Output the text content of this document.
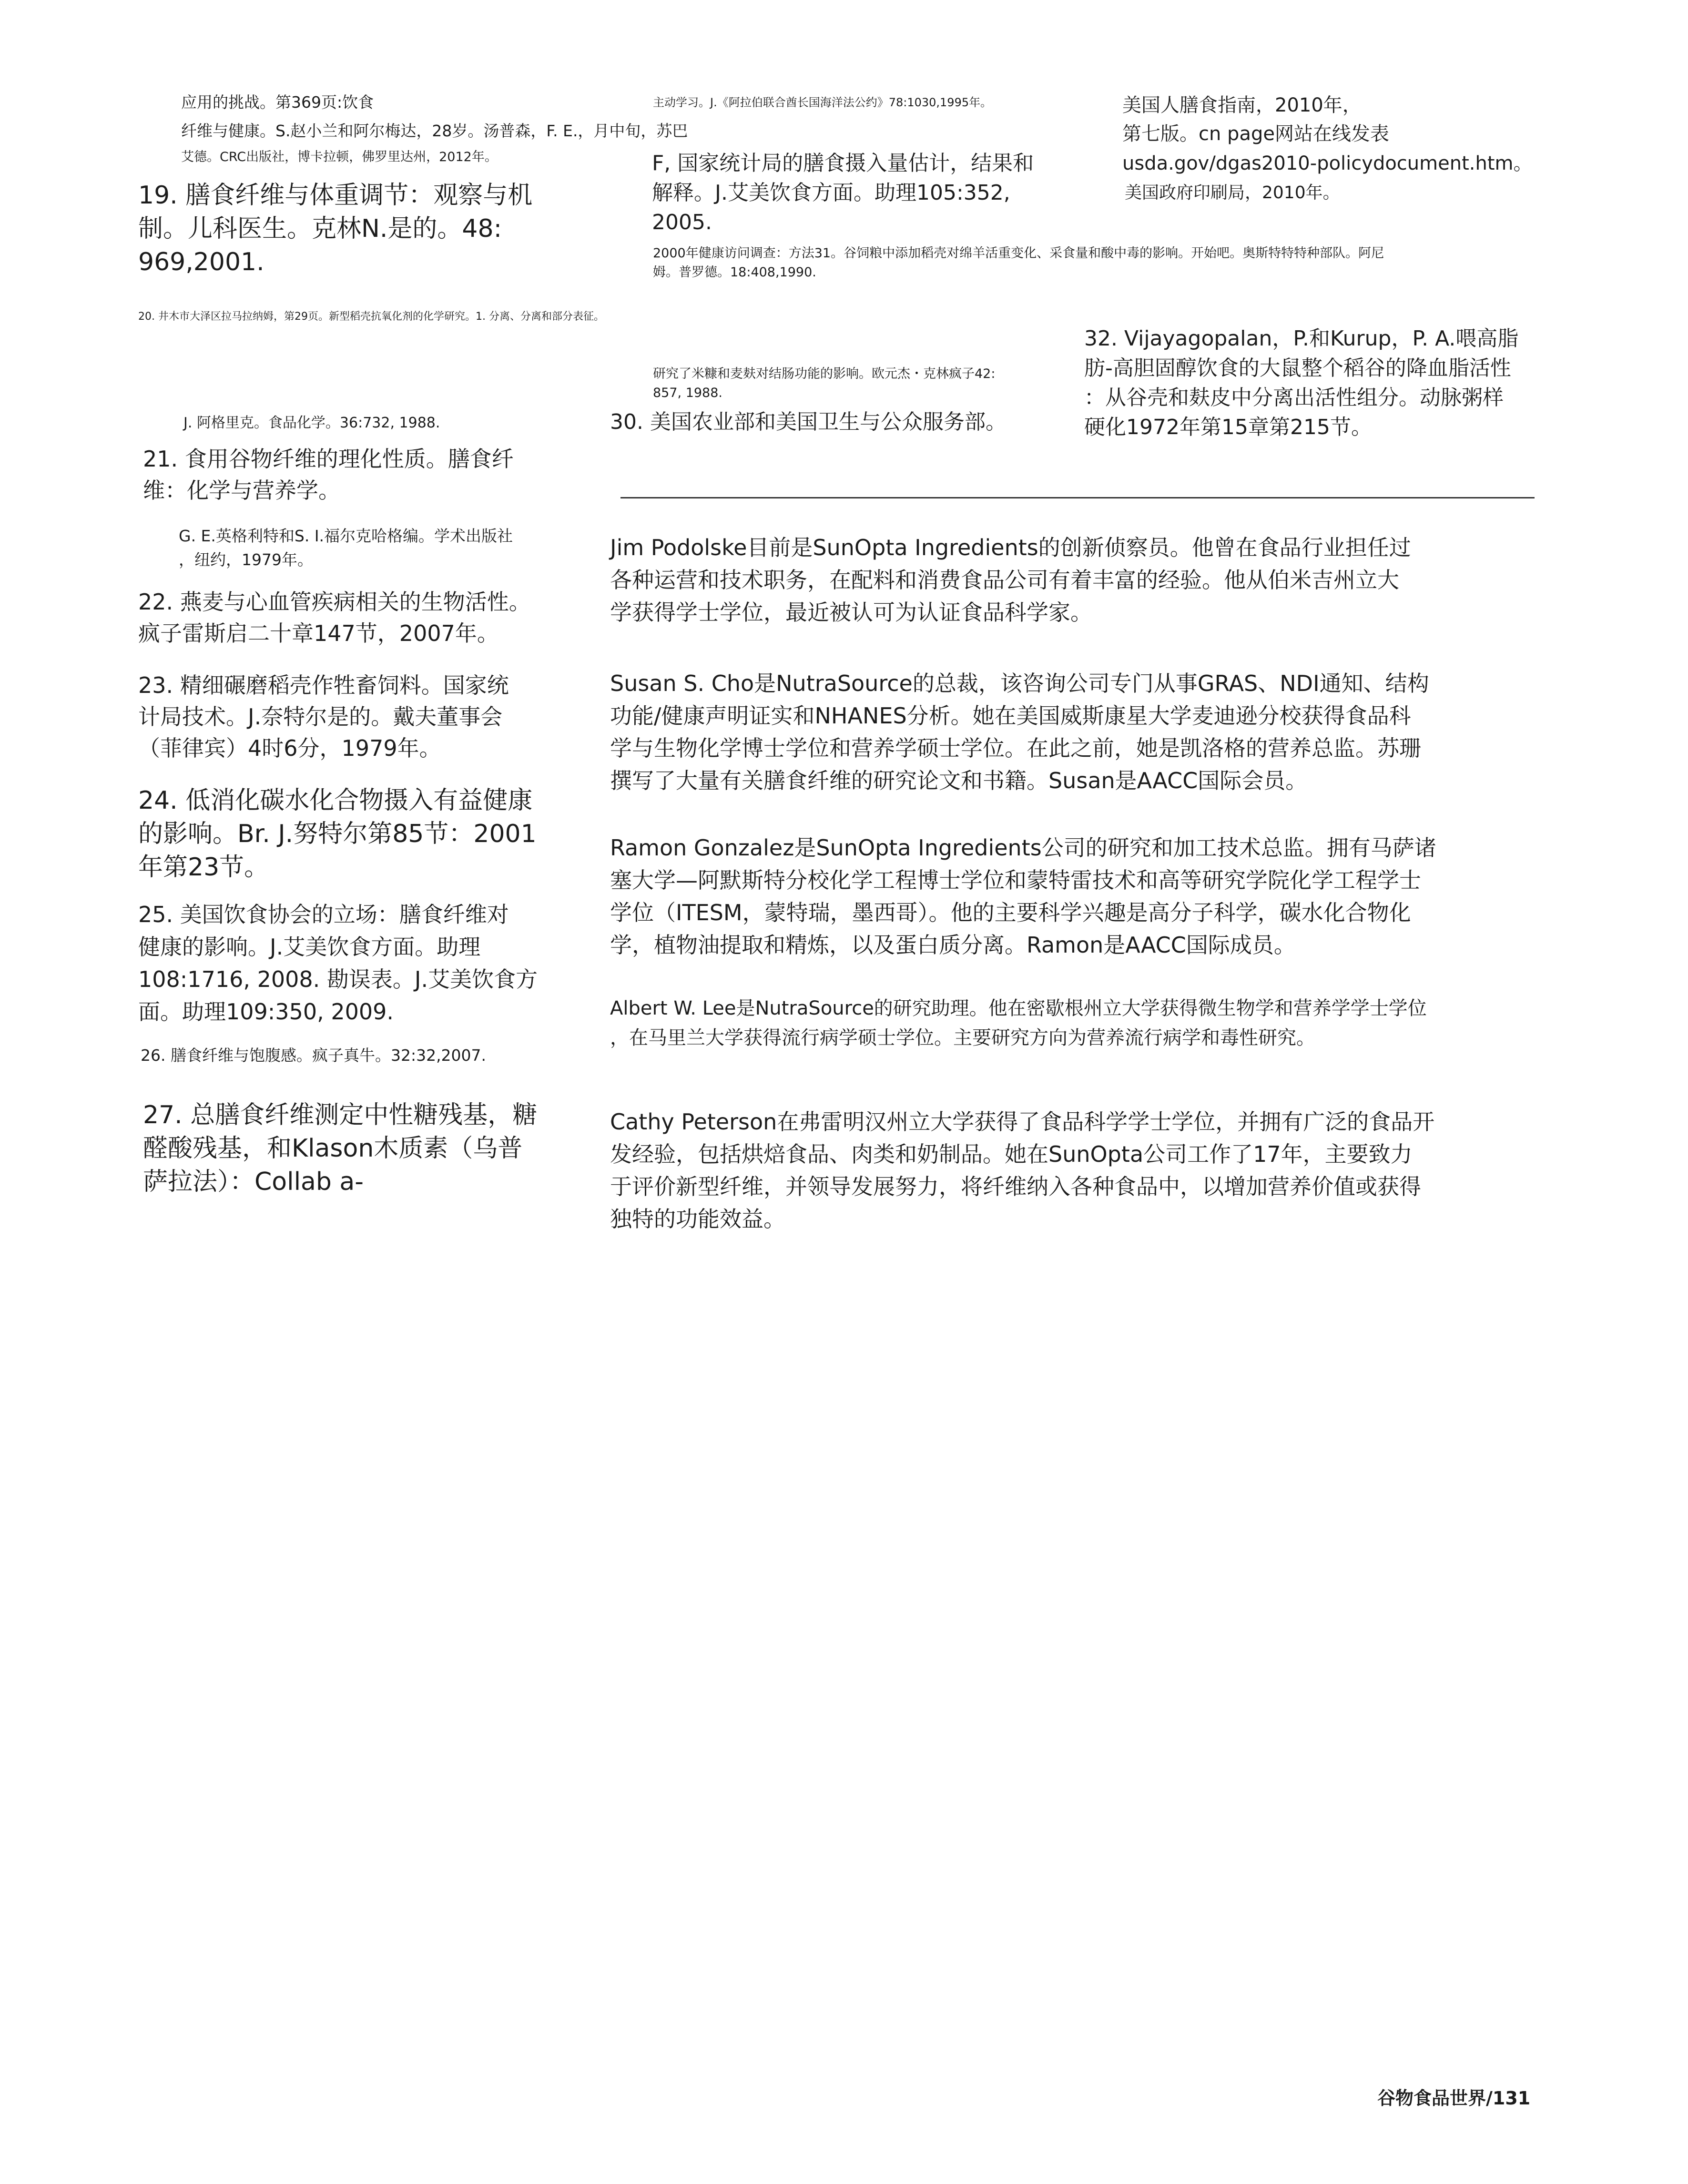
应用的挑战。第369页:饮食

纤维与健康。S.赵小兰和阿尔梅达，28岁。汤普森，F. E.，月中旬，苏巴

艾德。CRC出版社，博卡拉顿，佛罗里达州，2012年。

19. 膳食纤维与体重调节：观察与机
制。儿科医生。克林N.是的。48:
969,2001.

20. 井木市大泽区拉马拉纳姆，第29页。新型稻壳抗氧化剂的化学研究。1. 分离、分离和部分表征。

J. 阿格里克。食品化学。36:732, 1988.

21. 食用谷物纤维的理化性质。膳食纤
维：化学与营养学。

G. E.英格利特和S. I.福尔克哈格编。学术出版社
，纽约，1979年。

22. 燕麦与心血管疾病相关的生物活性。
疯子雷斯启二十章147节，2007年。

23. 精细碾磨稻壳作牲畜饲料。国家统
计局技术。J.奈特尔是的。戴夫董事会
（菲律宾）4时6分，1979年。

24. 低消化碳水化合物摄入有益健康
的影响。Br. J.努特尔第85节：2001
年第23节。

25. 美国饮食协会的立场：膳食纤维对
健康的影响。J.艾美饮食方面。助理
108:1716, 2008. 勘误表。J.艾美饮食方
面。助理109:350, 2009.

26. 膳食纤维与饱腹感。疯子真牛。32:32,2007.

27. 总膳食纤维测定中性糖残基，糖
醛酸残基，和Klason木质素（乌普
萨拉法）：Collab a-

主动学习。J.《阿拉伯联合酋长国海洋法公约》78:1030,1995年。

F, 国家统计局的膳食摄入量估计，结果和
解释。J.艾美饮食方面。助理105:352,
2005.

2000年健康访问调查：方法31。谷饲粮中添加稻壳对绵羊活重变化、采食量和酸中毒的影响。开始吧。奥斯特特特种部队。阿尼
姆。普罗德。18:408,1990.

研究了米糠和麦麸对结肠功能的影响。欧元杰・克林疯子42:
857, 1988.

30. 美国农业部和美国卫生与公众服务部。

美国人膳食指南，2010年，

第七版。cn page网站在线发表
usda.gov/dgas2010-policydocument.htm。

美国政府印刷局，2010年。

32. Vijayagopalan，P.和Kurup，P. A.喂高脂
肪-高胆固醇饮食的大鼠整个稻谷的降血脂活性
：从谷壳和麸皮中分离出活性组分。动脉粥样
硬化1972年第15章第215节。

Jim Podolske目前是SunOpta Ingredients的创新侦察员。他曾在食品行业担任过
各种运营和技术职务，在配料和消费食品公司有着丰富的经验。他从伯米吉州立大
学获得学士学位，最近被认可为认证食品科学家。

Susan S. Cho是NutraSource的总裁，该咨询公司专门从事GRAS、NDI通知、结构
功能/健康声明证实和NHANES分析。她在美国威斯康星大学麦迪逊分校获得食品科
学与生物化学博士学位和营养学硕士学位。在此之前，她是凯洛格的营养总监。苏珊
撰写了大量有关膳食纤维的研究论文和书籍。Susan是AACC国际会员。

Ramon Gonzalez是SunOpta Ingredients公司的研究和加工技术总监。拥有马萨诸
塞大学—阿默斯特分校化学工程博士学位和蒙特雷技术和高等研究学院化学工程学士
学位（ITESM，蒙特瑞，墨西哥）。他的主要科学兴趣是高分子科学，碳水化合物化
学，植物油提取和精炼，以及蛋白质分离。Ramon是AACC国际成员。

Albert W. Lee是NutraSource的研究助理。他在密歇根州立大学获得微生物学和营养学学士学位
，在马里兰大学获得流行病学硕士学位。主要研究方向为营养流行病学和毒性研究。

Cathy Peterson在弗雷明汉州立大学获得了食品科学学士学位，并拥有广泛的食品开
发经验，包括烘焙食品、肉类和奶制品。她在SunOpta公司工作了17年，主要致力
于评价新型纤维，并领导发展努力，将纤维纳入各种食品中，以增加营养价值或获得
独特的功能效益。

谷物食品世界/131
